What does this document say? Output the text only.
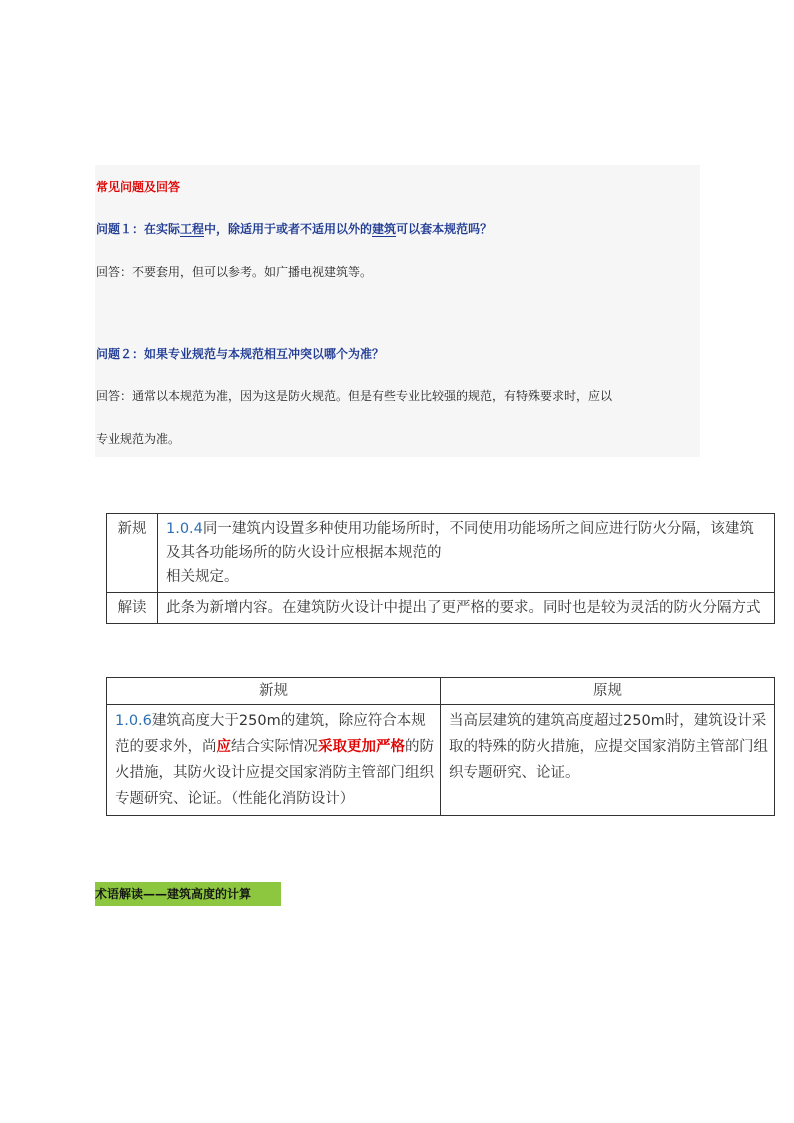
常见问题及回答
问题１：在实际工程中，除适用于或者不适用以外的建筑可以套本规范吗？
回答：不要套用，但可以参考。如广播电视建筑等。
问题２：如果专业规范与本规范相互冲突以哪个为准？
回答：通常以本规范为准，因为这是防火规范。但是有些专业比较强的规范，有特殊要求时，应以
专业规范为准。
新规	1.0.4同一建筑内设置多种使用功能场所时，不同使用功能场所之间应进行防火分隔，该建筑及其各功能场所的防火设计应根据本规范的
相关规定。
解读	此条为新增内容。在建筑防火设计中提出了更严格的要求。同时也是较为灵活的防火分隔方式
新规	原规
1.0.6建筑高度大于250m的建筑，除应符合本规范的要求外，尚应结合实际情况采取更加严格的防火措施，其防火设计应提交国家消防主管部门组织专题研究、论证。（性能化消防设计）	当高层建筑的建筑高度超过250m时，建筑设计采取的特殊的防火措施，应提交国家消防主管部门组织专题研究、论证。
术语解读——建筑高度的计算
